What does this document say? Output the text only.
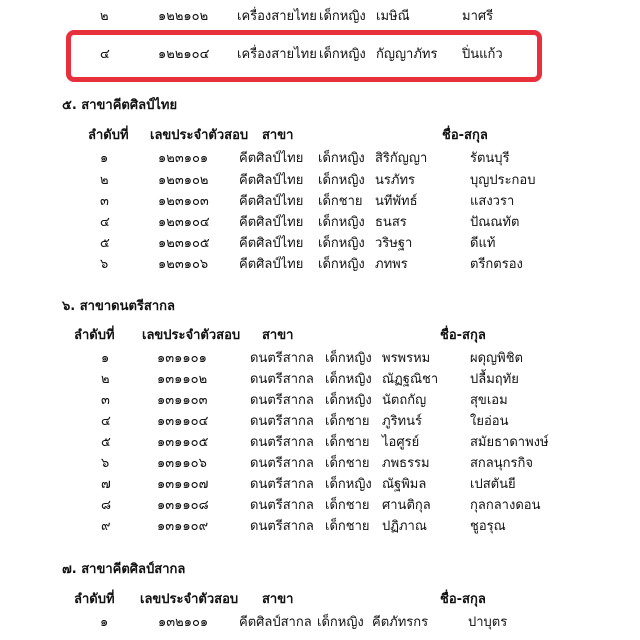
๒	๑๒๒๑๐๒ เครื่องสายไทย เด็กหญิง เมษิณี	มาศรี
๔	๑๒๒๑๐๔ เครื่องสายไทย เด็กหญิง กัญญาภัทร ปิ่นแก้ว
๕. สาขาคีตศิลป์ไทย
ลำดับที่ เลขประจำตัวสอบ สาขา	ชื่อ-สกุล
๑	๑๒๓๑๐๑ คีตศิลป์ไทย เด็กหญิง สิริกัญญา	รัตนบุรี
๒	๑๒๓๑๐๒ คีตศิลป์ไทย เด็กหญิง นรภัทร	บุญประกอบ
๓	๑๒๓๑๐๓ คีตศิลป์ไทย เด็กชาย นทีพัทธ์	แสงวรา
๔	๑๒๓๑๐๔ คีตศิลป์ไทย เด็กหญิง ธนสร	ปัณณทัต
๕	๑๒๓๑๐๕ คีตศิลป์ไทย เด็กหญิง วริษฐา	ดีแท้
๖	๑๒๓๑๐๖ คีตศิลป์ไทย เด็กหญิง ภทพร	ตรีกตรอง
๖. สาขาดนตรีสากล
ลำดับที่ เลขประจำตัวสอบ สาขา	ชื่อ-สกุล
๑	๑๓๑๑๐๑	ดนตรีสากล เด็กหญิง พรพรหม	ผดุญพิชิต
๒	๑๓๑๑๐๒	ดนตรีสากล เด็กหญิง ณัฏฐณิชา ปลื้มฤทัย
๓	๑๓๑๑๐๓	ดนตรีสากล เด็กหญิง นัตถกัญ	สุขเอม
๔	๑๓๑๑๐๔	ดนตรีสากล เด็กชาย ภูริทนร์	ใยอ่อน
๕	๑๓๑๑๐๕	ดนตรีสากล เด็กชาย ไอศูรย์	สมัยธาดาพงษ์
๖	๑๓๑๑๐๖	ดนตรีสากล เด็กชาย ภพธรรม	สกลนุกรกิจ
๗	๑๓๑๑๐๗	ดนตรีสากล เด็กหญิง ณัฐพิมล	เปสตันยี
๘	๑๓๑๑๐๘	ดนตรีสากล เด็กชาย ศานติกุล	กุลกลางดอน
๙	๑๓๑๑๐๙	ดนตรีสากล เด็กชาย ปฏิภาณ	ชูอรุณ
๗. สาขาคีตศิลป์สากล
ลำดับที่ เลขประจำตัวสอบ สาขา	ชื่อ-สกุล
๑	๑๓๒๑๐๑ คีตศิลป์สากล เด็กหญิง คีตภัทรกร	ปาบุตร
